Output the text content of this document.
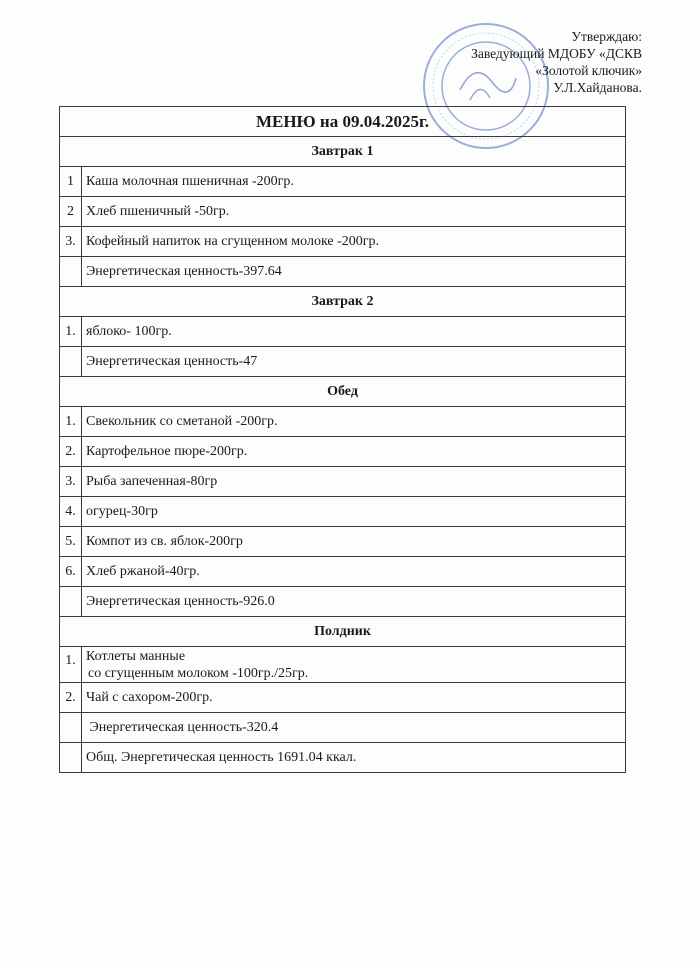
Утверждаю:
Заведующий МДОБУ «ДСКВ
«Золотой ключик»
У.Л.Хайданова.
МЕНЮ на 09.04.2025г.	
Завтрак 1	
1	Каша молочная пшеничная -200гр.
2	Хлеб пшеничный -50гр.
3.	Кофейный напиток на сгущенном молоке -200гр.
	Энергетическая ценность-397.64
Завтрак 2	
1.	яблоко- 100гр.
	Энергетическая ценность-47
Обед	
1.	Свекольник со сметаной -200гр.
2.	Картофельное пюре-200гр.
3.	Рыба запеченная-80гр
4.	огурец-30гр
5.	Компот из св. яблок-200гр
6.	Хлеб ржаной-40гр.
	Энергетическая ценность-926.0
Полдник	
1.	Котлеты манные
со сгущенным молоком -100гр./25гр.

2.	Чай с сахором-200гр.
	Энергетическая ценность-320.4
	Общ. Энергетическая ценность 1691.04 ккал.
